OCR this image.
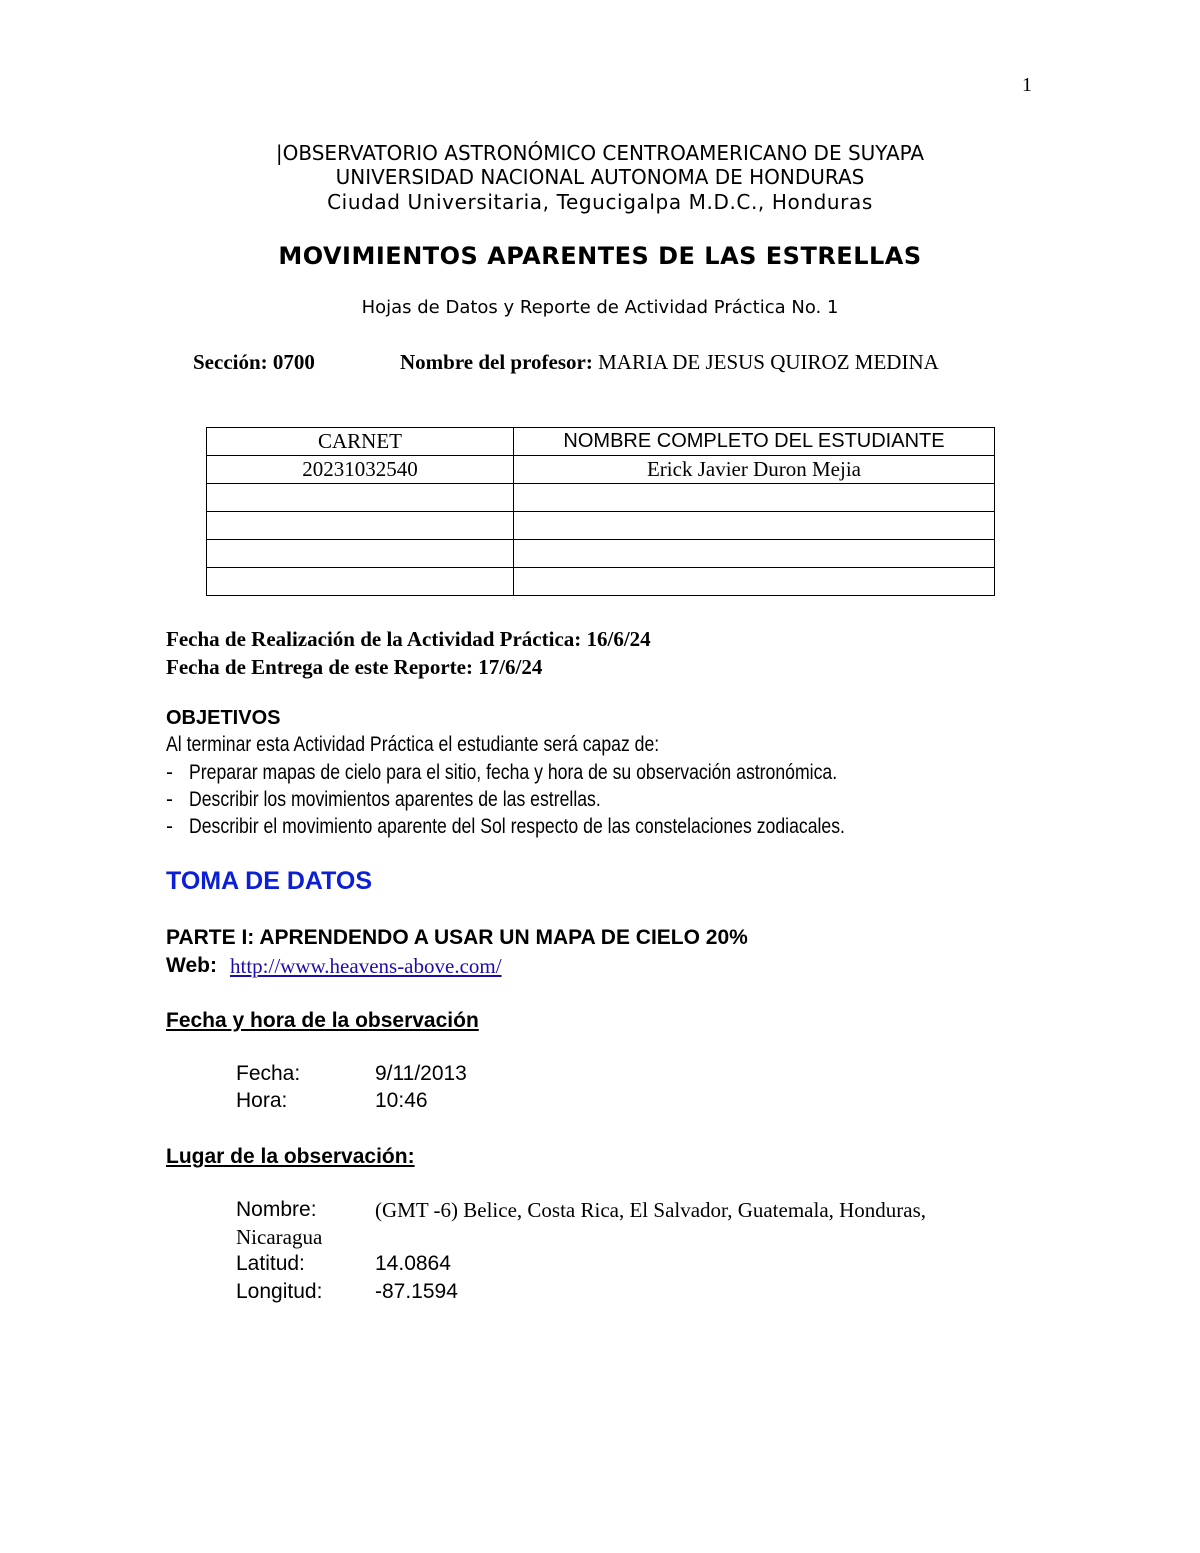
1
|OBSERVATORIO ASTRONÓMICO CENTROAMERICANO DE SUYAPA
UNIVERSIDAD NACIONAL AUTONOMA DE HONDURAS
Ciudad Universitaria, Tegucigalpa M.D.C., Honduras
MOVIMIENTOS APARENTES DE LAS ESTRELLAS
Hojas de Datos y Reporte de Actividad Práctica No. 1
Sección: 0700	Nombre del profesor: MARIA DE JESUS QUIROZ MEDINA
CARNET	NOMBRE COMPLETO DEL ESTUDIANTE
20231032540	Erick Javier Duron Mejia

Fecha de Realización de la Actividad Práctica: 16/6/24
Fecha de Entrega de este Reporte: 17/6/24
OBJETIVOS
Al terminar esta Actividad Práctica el estudiante será capaz de:
- Preparar mapas de cielo para el sitio, fecha y hora de su observación astronómica.
- Describir los movimientos aparentes de las estrellas.
- Describir el movimiento aparente del Sol respecto de las constelaciones zodiacales.
TOMA DE DATOS
PARTE I: APRENDENDO A USAR UN MAPA DE CIELO 20%
Web: http://www.heavens-above.com/
Fecha y hora de la observación
Fecha:	9/11/2013
Hora:	10:46
Lugar de la observación:
Nombre:	(GMT -6) Belice, Costa Rica, El Salvador, Guatemala, Honduras,
Nicaragua
Latitud:	14.0864
Longitud:	-87.1594
